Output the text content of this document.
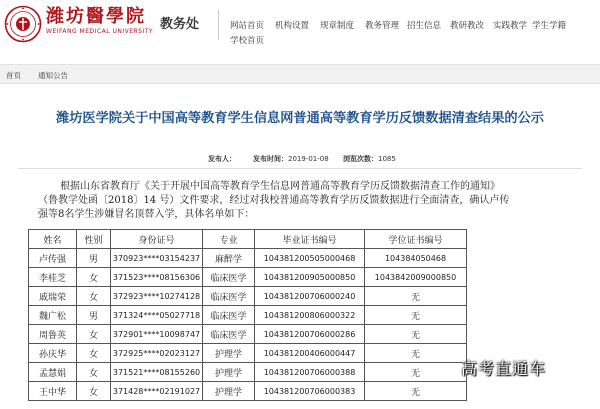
潍坊醫學院
WEIFANG MEDICAL UNIVERSITY 教务处	网站首页 机构设置 规章制度 教务管理 招生信息 教研教改 实践教学 学生学籍
学校首页
首页 通知公告
潍坊医学院关于中国高等教育学生信息网普通高等教育学历反馈数据清查结果的公示
发布人： 发布时间：2019-01-08 浏览次数：1085
根据山东省教育厅《关于开展中国高等教育学生信息网普通高等教育学历反馈数据清查工作的通知》
（鲁教学处函〔2018〕14 号）文件要求，经过对我校普通高等教育学历反馈数据进行全面清查，确认卢传
强等8名学生涉嫌冒名顶替入学，具体名单如下：
姓名	性别	身份证号	专业	毕业证书编号	学位证书编号
卢传强	男	370923****03154237	麻醉学	104381200505000468	104384050468
李桂芝	女	371523****08156306	临床医学	104381200905000850	1043842009000850
戚瑞荣	女	372923****10274128	临床医学	104381200706000240	无
魏广松	男	371324****05027718	临床医学	104381200806000322	无
周鲁英	女	372901****10098747	临床医学	104381200706000286	无
孙庆华	女	372925****02023127	护理学	104381200406000447	无
孟慧娟	女	371521****08155260	护理学	104381200706000388	无
王中华	女	371428****02191027	护理学	104381200706000383	无
高考直通车
